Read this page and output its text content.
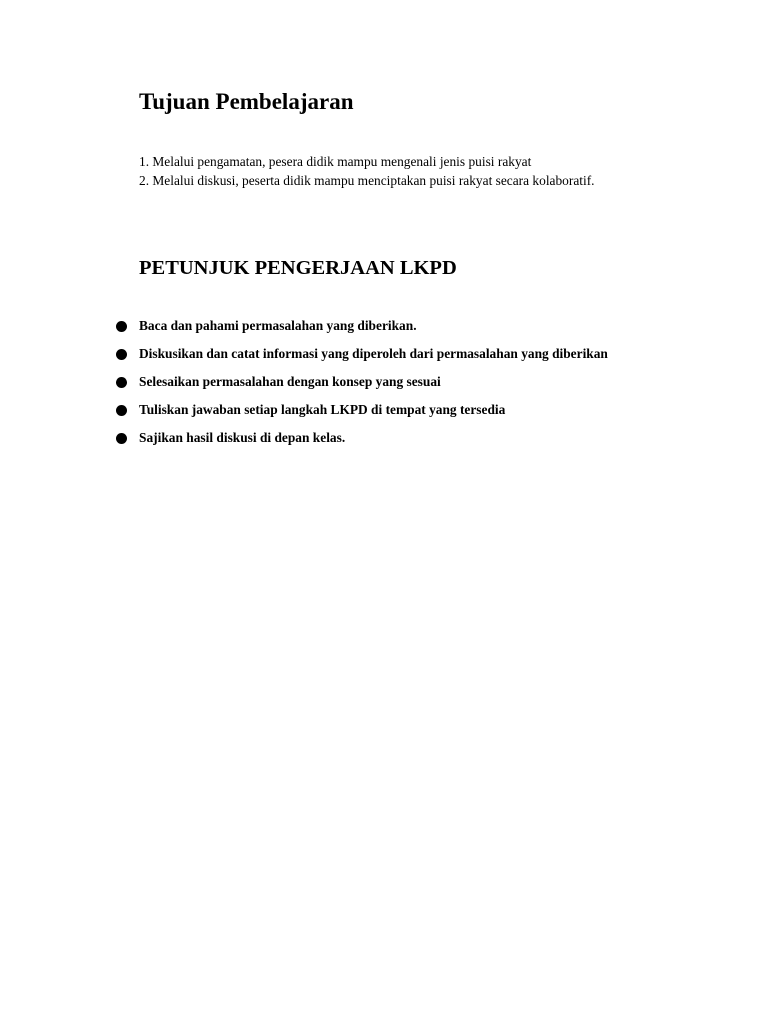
Tujuan Pembelajaran
1. Melalui pengamatan, pesera didik mampu mengenali jenis puisi rakyat
2. Melalui diskusi, peserta didik mampu menciptakan puisi rakyat secara kolaboratif.
PETUNJUK PENGERJAAN LKPD
Baca dan pahami permasalahan yang diberikan.
Diskusikan dan catat informasi yang diperoleh dari permasalahan yang diberikan
Selesaikan permasalahan dengan konsep yang sesuai
Tuliskan jawaban setiap langkah LKPD di tempat yang tersedia
Sajikan hasil diskusi di depan kelas.
